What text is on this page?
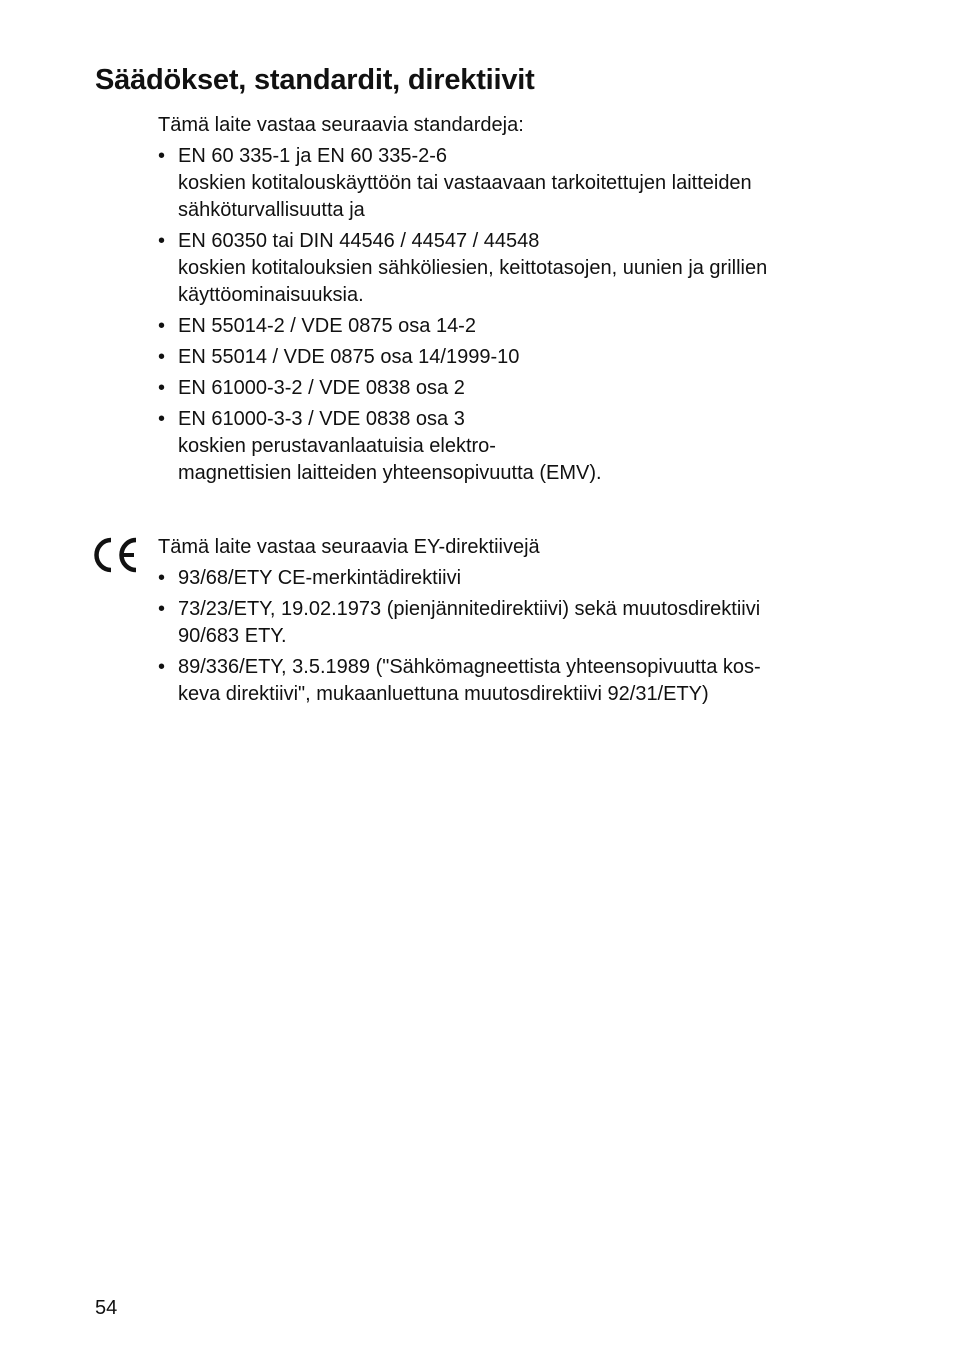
Säädökset, standardit, direktiivit

Tämä laite vastaa seuraavia standardeja:

• EN 60 335-1 ja EN 60 335-2-6
koskien kotitalouskäyttöön tai vastaavaan tarkoitettujen laitteiden
sähköturvallisuutta ja
• EN 60350 tai DIN 44546 / 44547 / 44548
koskien kotitalouksien sähköliesien, keittotasojen, uunien ja grillien
käyttöominaisuuksia.
• EN 55014-2 / VDE 0875 osa 14-2
• EN 55014 / VDE 0875 osa 14/1999-10
• EN 61000-3-2 / VDE 0838 osa 2
• EN 61000-3-3 / VDE 0838 osa 3
koskien perustavanlaatuisia elektro-
magnettisien laitteiden yhteensopivuutta (EMV).

Tämä laite vastaa seuraavia EY-direktiivejä

• 93/68/ETY CE-merkintädirektiivi
• 73/23/ETY, 19.02.1973 (pienjännitedirektiivi) sekä muutosdirektiivi
90/683 ETY.
• 89/336/ETY, 3.5.1989 ("Sähkömagneettista yhteensopivuutta kos-
keva direktiivi", mukaanluettuna muutosdirektiivi 92/31/ETY)
54
